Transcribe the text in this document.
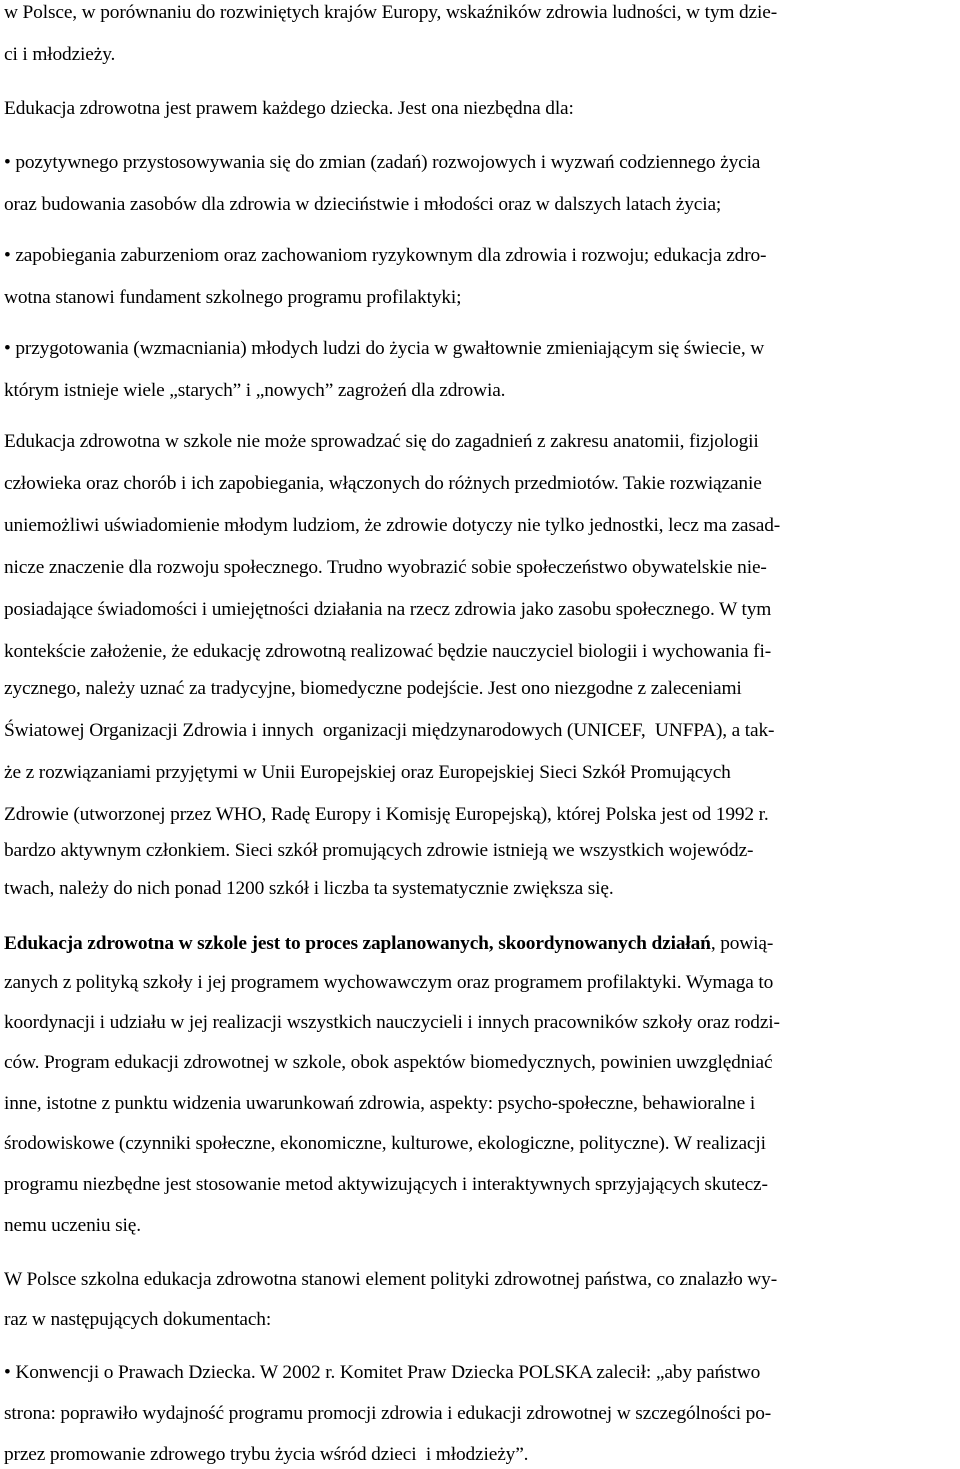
w Polsce, w porównaniu do rozwiniętych krajów Europy, wskaźników zdrowia ludności, w tym dzie-
ci i młodzieży.
Edukacja zdrowotna jest prawem każdego dziecka. Jest ona niezbędna dla:
• pozytywnego przystosowywania się do zmian (zadań) rozwojowych i wyzwań codziennego życia
oraz budowania zasobów dla zdrowia w dzieciństwie i młodości oraz w dalszych latach życia;
• zapobiegania zaburzeniom oraz zachowaniom ryzykownym dla zdrowia i rozwoju; edukacja zdro-
wotna stanowi fundament szkolnego programu profilaktyki;
• przygotowania (wzmacniania) młodych ludzi do życia w gwałtownie zmieniającym się świecie, w
którym istnieje wiele „starych” i „nowych” zagrożeń dla zdrowia.
Edukacja zdrowotna w szkole nie może sprowadzać się do zagadnień z zakresu anatomii, fizjologii
człowieka oraz chorób i ich zapobiegania, włączonych do różnych przedmiotów. Takie rozwiązanie
uniemożliwi uświadomienie młodym ludziom, że zdrowie dotyczy nie tylko jednostki, lecz ma zasad-
nicze znaczenie dla rozwoju społecznego. Trudno wyobrazić sobie społeczeństwo obywatelskie nie-
posiadające świadomości i umiejętności działania na rzecz zdrowia jako zasobu społecznego. W tym
kontekście założenie, że edukację zdrowotną realizować będzie nauczyciel biologii i wychowania fi-
zycznego, należy uznać za tradycyjne, biomedyczne podejście. Jest ono niezgodne z zaleceniami
Światowej Organizacji Zdrowia i innych  organizacji międzynarodowych (UNICEF,  UNFPA), a tak-
że z rozwiązaniami przyjętymi w Unii Europejskiej oraz Europejskiej Sieci Szkół Promujących
Zdrowie (utworzonej przez WHO, Radę Europy i Komisję Europejską), której Polska jest od 1992 r.
bardzo aktywnym członkiem. Sieci szkół promujących zdrowie istnieją we wszystkich wojewódz-
twach, należy do nich ponad 1200 szkół i liczba ta systematycznie zwiększa się.
Edukacja zdrowotna w szkole jest to proces zaplanowanych, skoordynowanych działań, powią-
zanych z polityką szkoły i jej programem wychowawczym oraz programem profilaktyki. Wymaga to
koordynacji i udziału w jej realizacji wszystkich nauczycieli i innych pracowników szkoły oraz rodzi-
ców. Program edukacji zdrowotnej w szkole, obok aspektów biomedycznych, powinien uwzględniać
inne, istotne z punktu widzenia uwarunkowań zdrowia, aspekty: psycho-społeczne, behawioralne i
środowiskowe (czynniki społeczne, ekonomiczne, kulturowe, ekologiczne, polityczne). W realizacji
programu niezbędne jest stosowanie metod aktywizujących i interaktywnych sprzyjających skutecz-
nemu uczeniu się.
W Polsce szkolna edukacja zdrowotna stanowi element polityki zdrowotnej państwa, co znalazło wy-
raz w następujących dokumentach:
• Konwencji o Prawach Dziecka. W 2002 r. Komitet Praw Dziecka POLSKA zalecił: „aby państwo
strona: poprawiło wydajność programu promocji zdrowia i edukacji zdrowotnej w szczególności po-
przez promowanie zdrowego trybu życia wśród dzieci  i młodzieży”.
